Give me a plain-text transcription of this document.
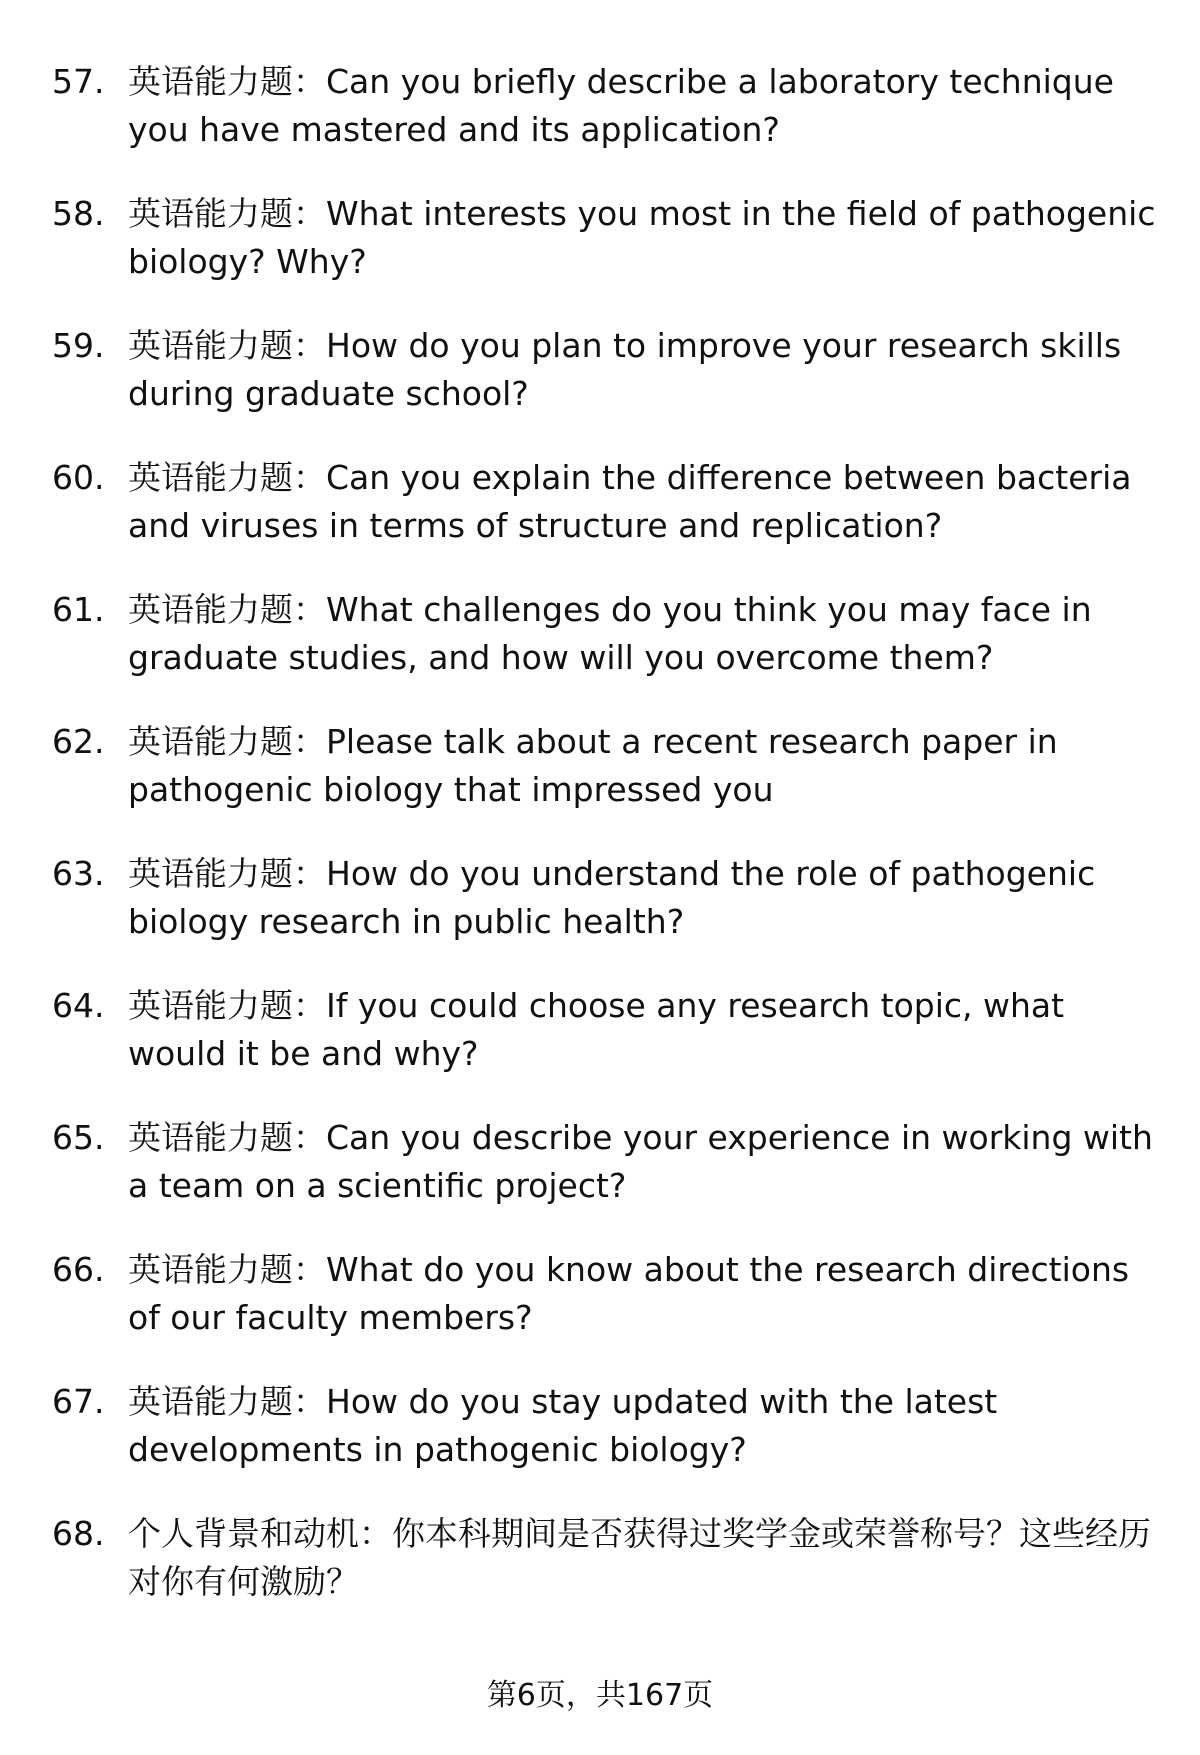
57. 英语能力题：Can you briefly describe a laboratory technique you have mastered and its application?
58. 英语能力题：What interests you most in the field of pathogenic biology? Why?
59. 英语能力题：How do you plan to improve your research skills during graduate school?
60. 英语能力题：Can you explain the difference between bacteria and viruses in terms of structure and replication?
61. 英语能力题：What challenges do you think you may face in graduate studies, and how will you overcome them?
62. 英语能力题：Please talk about a recent research paper in pathogenic biology that impressed you
63. 英语能力题：How do you understand the role of pathogenic biology research in public health?
64. 英语能力题：If you could choose any research topic, what would it be and why?
65. 英语能力题：Can you describe your experience in working with a team on a scientific project?
66. 英语能力题：What do you know about the research directions of our faculty members?
67. 英语能力题：How do you stay updated with the latest developments in pathogenic biology?
68. 个人背景和动机：你本科期间是否获得过奖学金或荣誉称号？这些经历对你有何激励？
第6页，共167页
